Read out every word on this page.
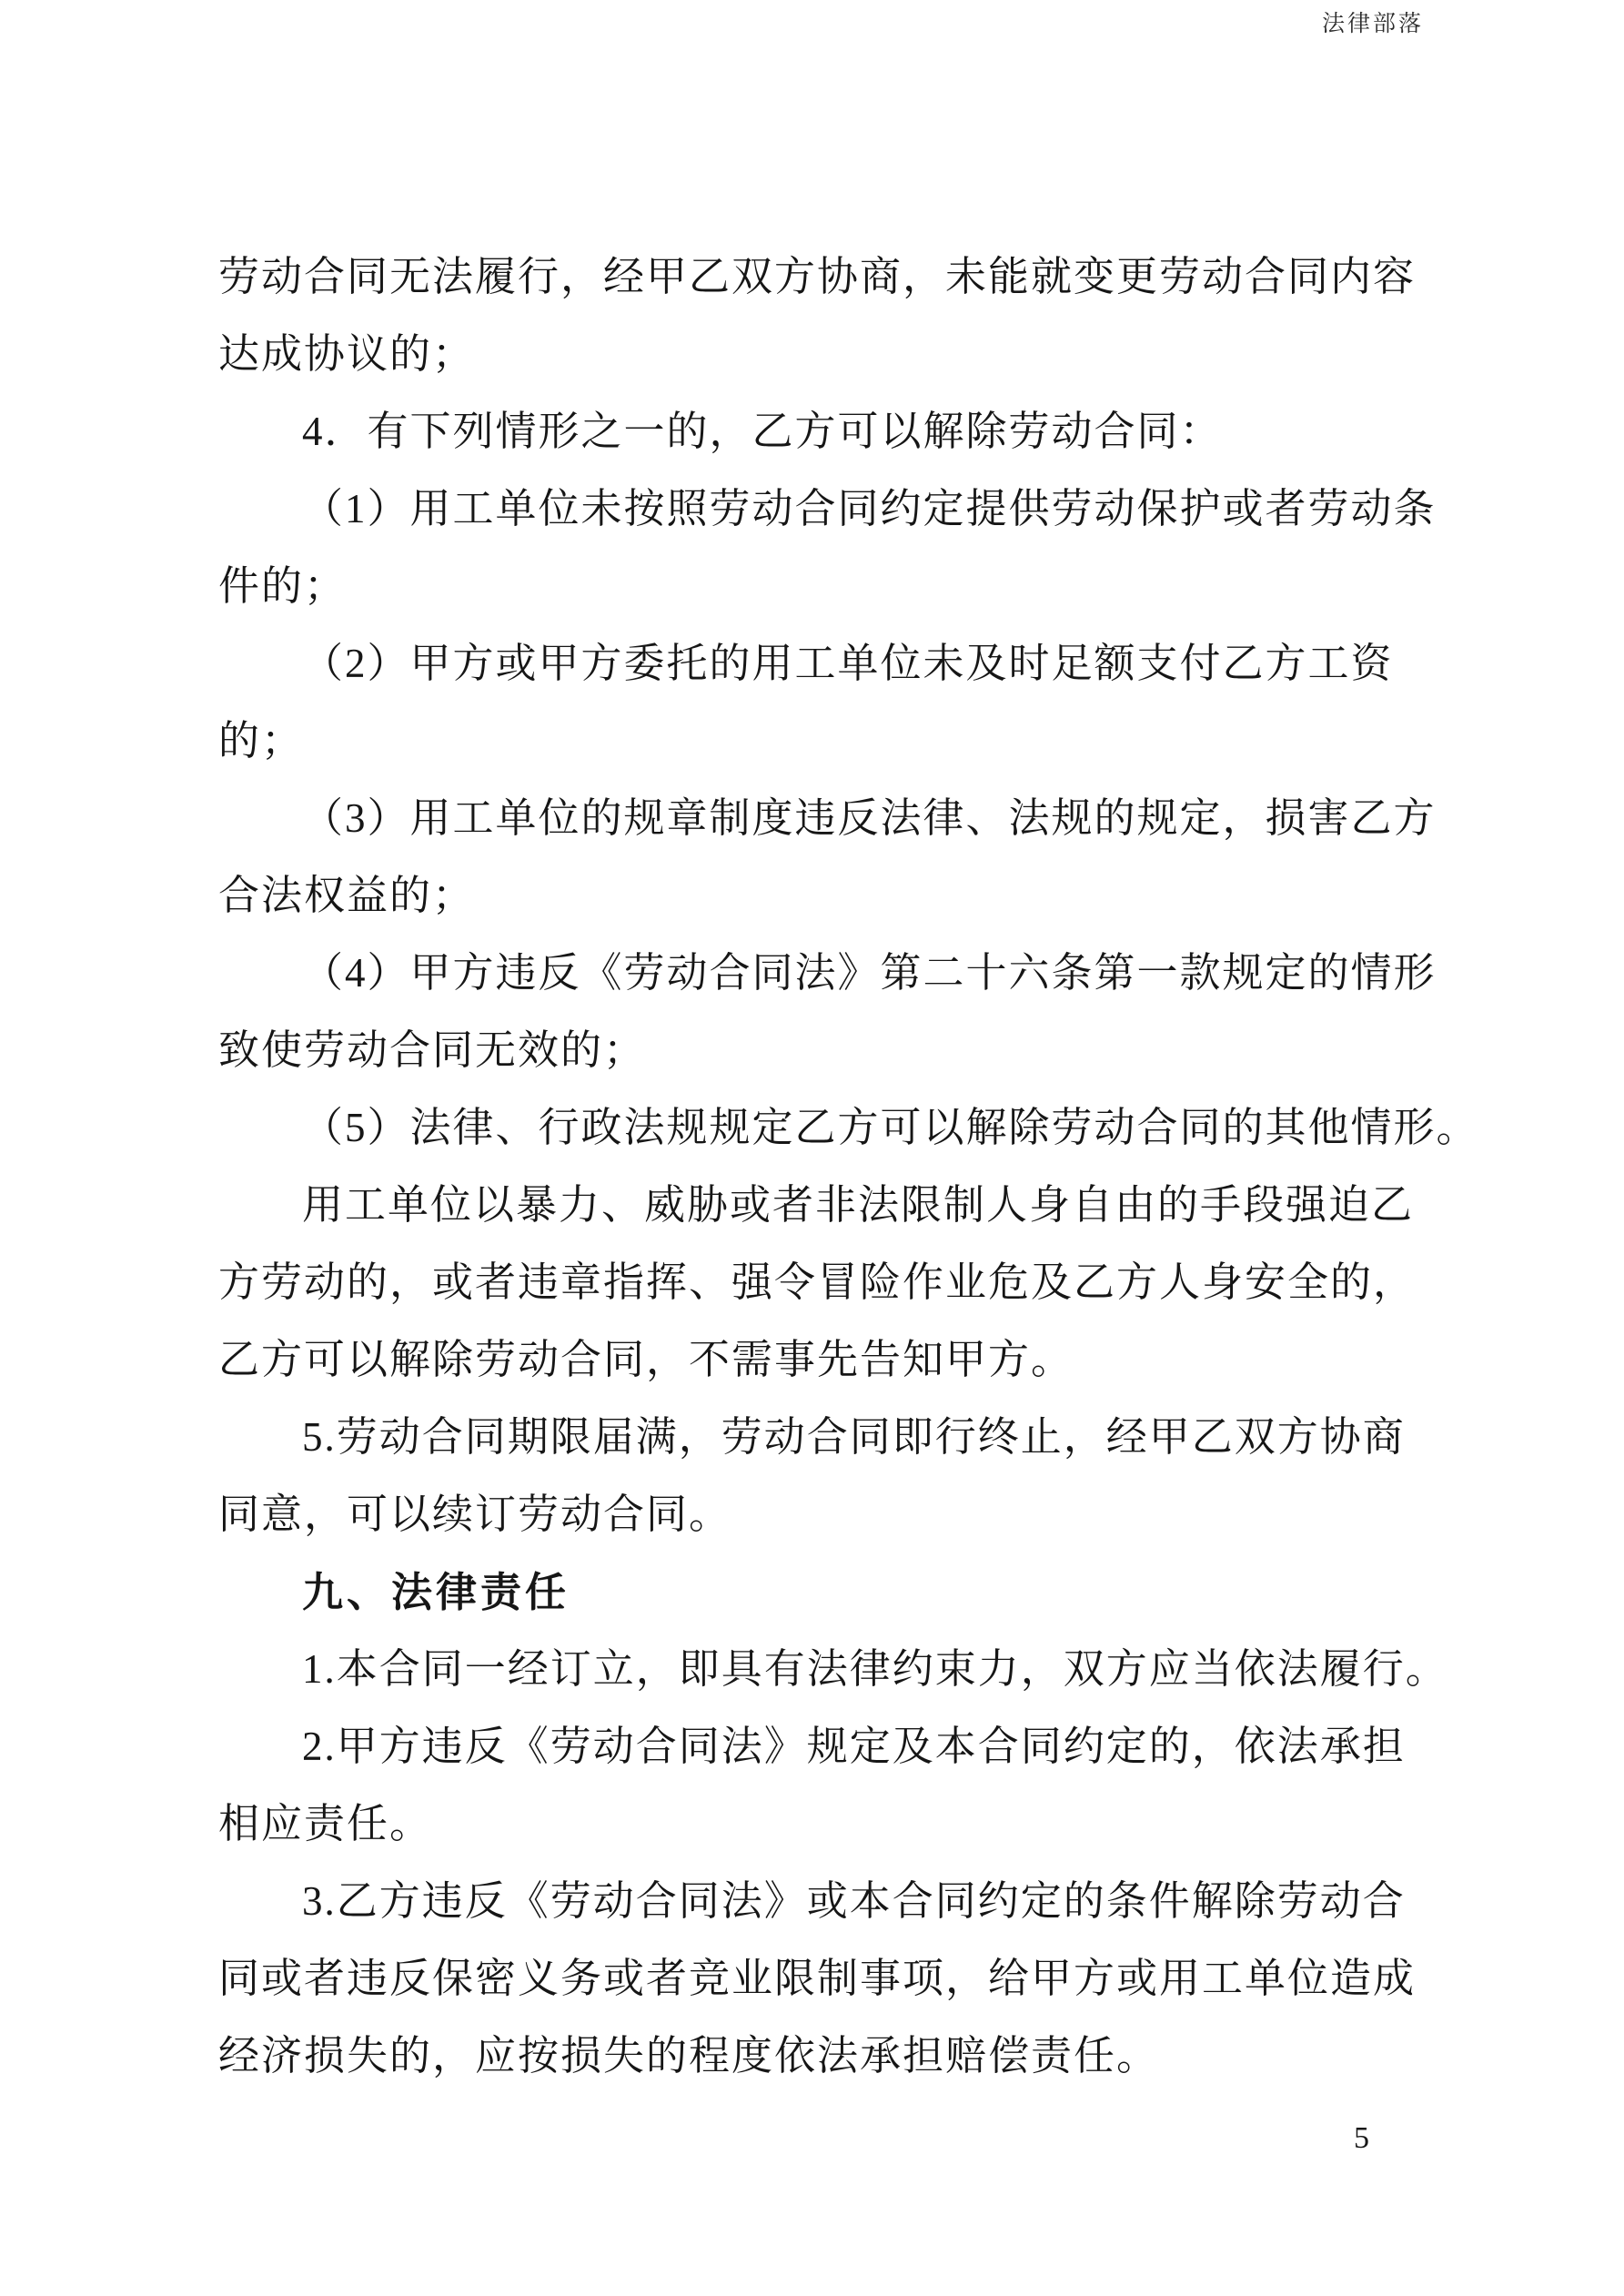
法律部落
劳动合同无法履行，经甲乙双方协商，未能就变更劳动合同内容
达成协议的；
4．有下列情形之一的，乙方可以解除劳动合同：
（1）用工单位未按照劳动合同约定提供劳动保护或者劳动条
件的；
（2）甲方或甲方委托的用工单位未及时足额支付乙方工资
的；
（3）用工单位的规章制度违反法律、法规的规定，损害乙方
合法权益的；
（4）甲方违反《劳动合同法》第二十六条第一款规定的情形
致使劳动合同无效的；
（5）法律、行政法规规定乙方可以解除劳动合同的其他情形。
用工单位以暴力、威胁或者非法限制人身自由的手段强迫乙
方劳动的，或者违章指挥、强令冒险作业危及乙方人身安全的，
乙方可以解除劳动合同，不需事先告知甲方。
5.劳动合同期限届满，劳动合同即行终止，经甲乙双方协商
同意，可以续订劳动合同。
九、法律责任
1.本合同一经订立，即具有法律约束力，双方应当依法履行。
2.甲方违反《劳动合同法》规定及本合同约定的，依法承担
相应责任。
3.乙方违反《劳动合同法》或本合同约定的条件解除劳动合
同或者违反保密义务或者竞业限制事项，给甲方或用工单位造成
经济损失的，应按损失的程度依法承担赔偿责任。
5
